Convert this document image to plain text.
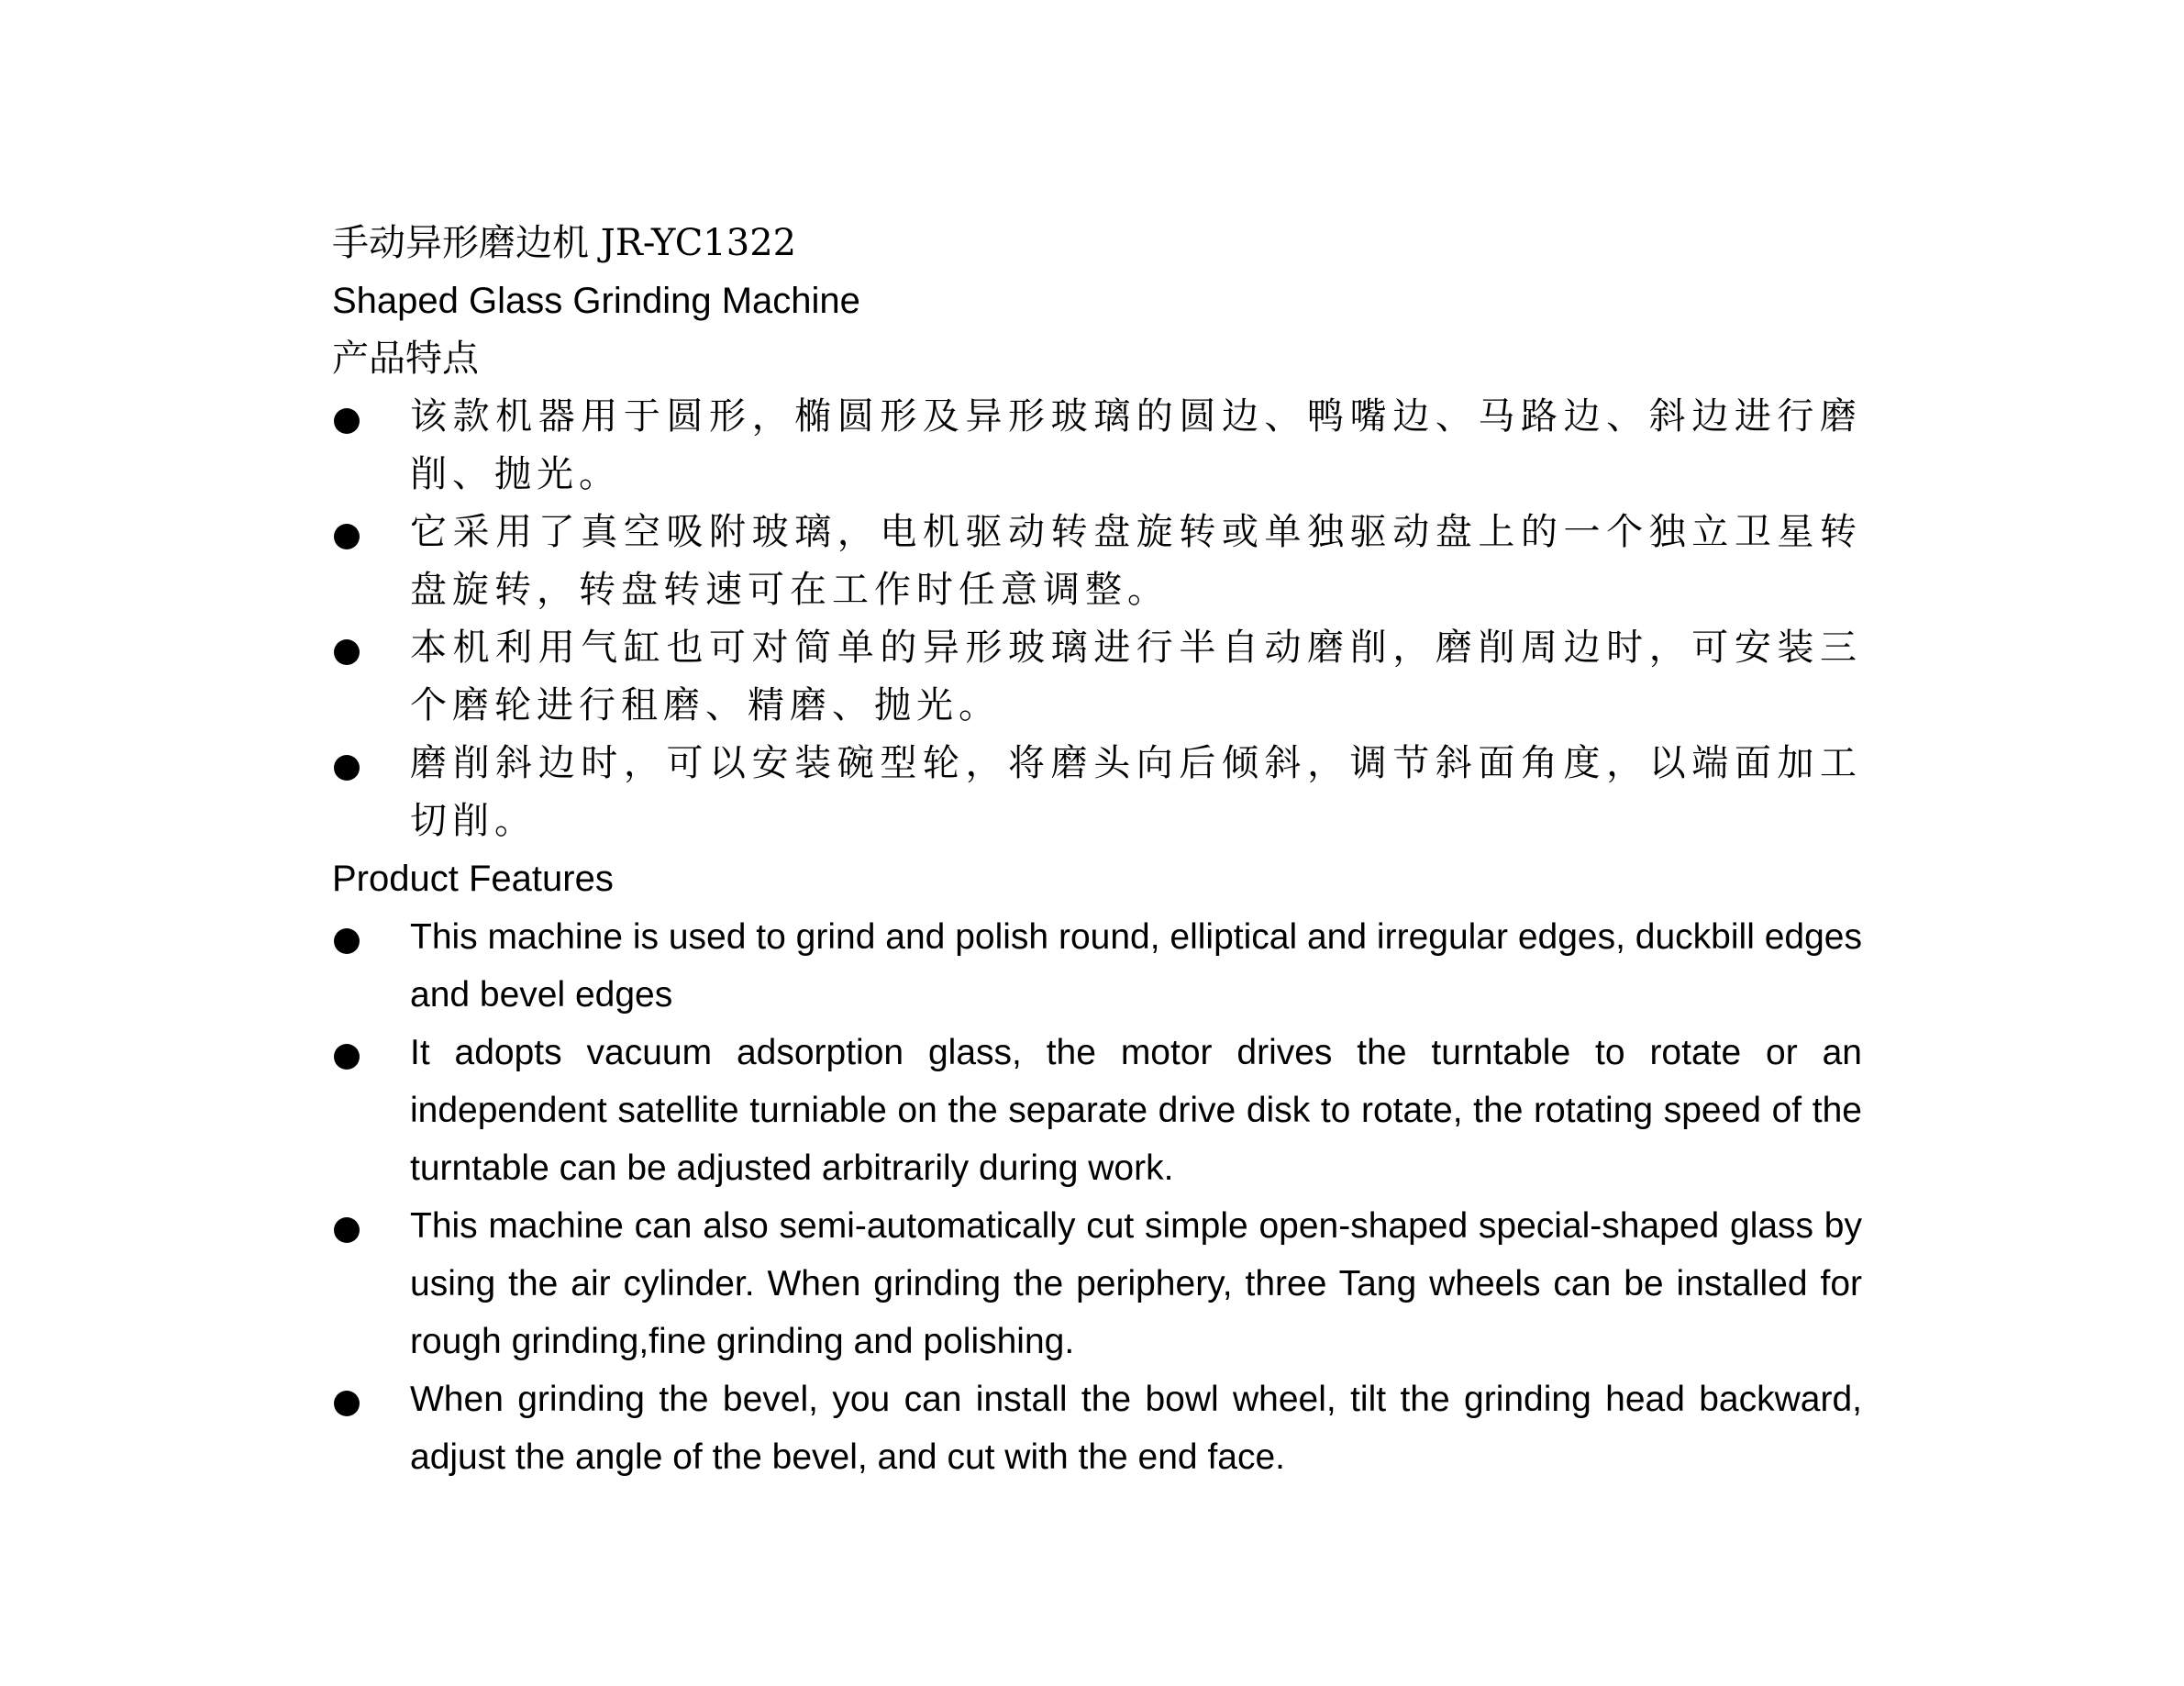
手动异形磨边机 JR-YC1322
Shaped Glass Grinding Machine
产品特点
该款机器用于圆形，椭圆形及异形玻璃的圆边、鸭嘴边、马路边、斜边进行磨削、抛光。
它采用了真空吸附玻璃，电机驱动转盘旋转或单独驱动盘上的一个独立卫星转盘旋转，转盘转速可在工作时任意调整。
本机利用气缸也可对简单的异形玻璃进行半自动磨削，磨削周边时，可安装三个磨轮进行租磨、精磨、抛光。
磨削斜边时，可以安装碗型轮，将磨头向后倾斜，调节斜面角度，以端面加工切削。
Product Features
This machine is used to grind and polish round, elliptical and irregular edges, duckbill edges and bevel edges
It adopts vacuum adsorption glass, the motor drives the turntable to rotate or an independent satellite turniable on the separate drive disk to rotate, the rotating speed of the turntable can be adjusted arbitrarily during work.
This machine can also semi-automatically cut simple open-shaped special-shaped glass by using the air cylinder. When grinding the periphery, three Tang wheels can be installed for rough grinding,fine grinding and polishing.
When grinding the bevel, you can install the bowl wheel, tilt the grinding head backward, adjust the angle of the bevel, and cut with the end face.
